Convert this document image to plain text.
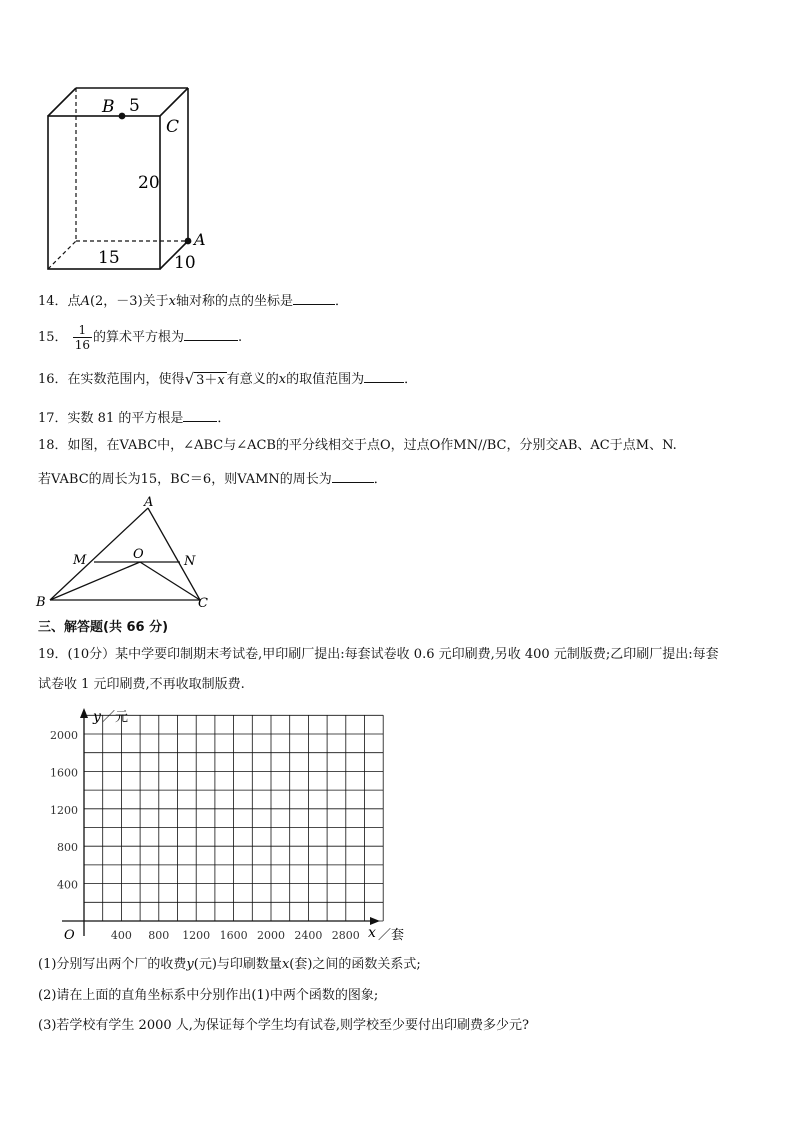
B 5
C
20
A
15	10
14．点A(2，－3)关于x轴对称的点的坐标是	．
15． $\frac{1}{16}$ 的算术平方根为	.
16．在实数范围内，使得√ 3＋x 有意义的x的取值范围为	．
17．实数 81 的平方根是	．
18．如图，在VABC中，∠ABC与∠ACB的平分线相交于点O，过点O作MN//BC，分别交AB、AC于点M、N.
若VABC的周长为15，BC＝6，则VAMN的周长为	．
A
M	O	N
B	C
三、解答题(共 66 分)
19．(10分）某中学要印制期末考试卷,甲印刷厂提出:每套试卷收 0.6 元印刷费,另收 400 元制版费;乙印刷厂提出:每套
试卷收 1 元印刷费,不再收取制版费.
y ／元
x ／套
O
2000
1600
1200
800
400
400 800 1200 1600 2000 2400 2800
(1)分别写出两个厂的收费y(元)与印刷数量x(套)之间的函数关系式;
(2)请在上面的直角坐标系中分别作出(1)中两个函数的图象;
(3)若学校有学生 2000 人,为保证每个学生均有试卷,则学校至少要付出印刷费多少元?
